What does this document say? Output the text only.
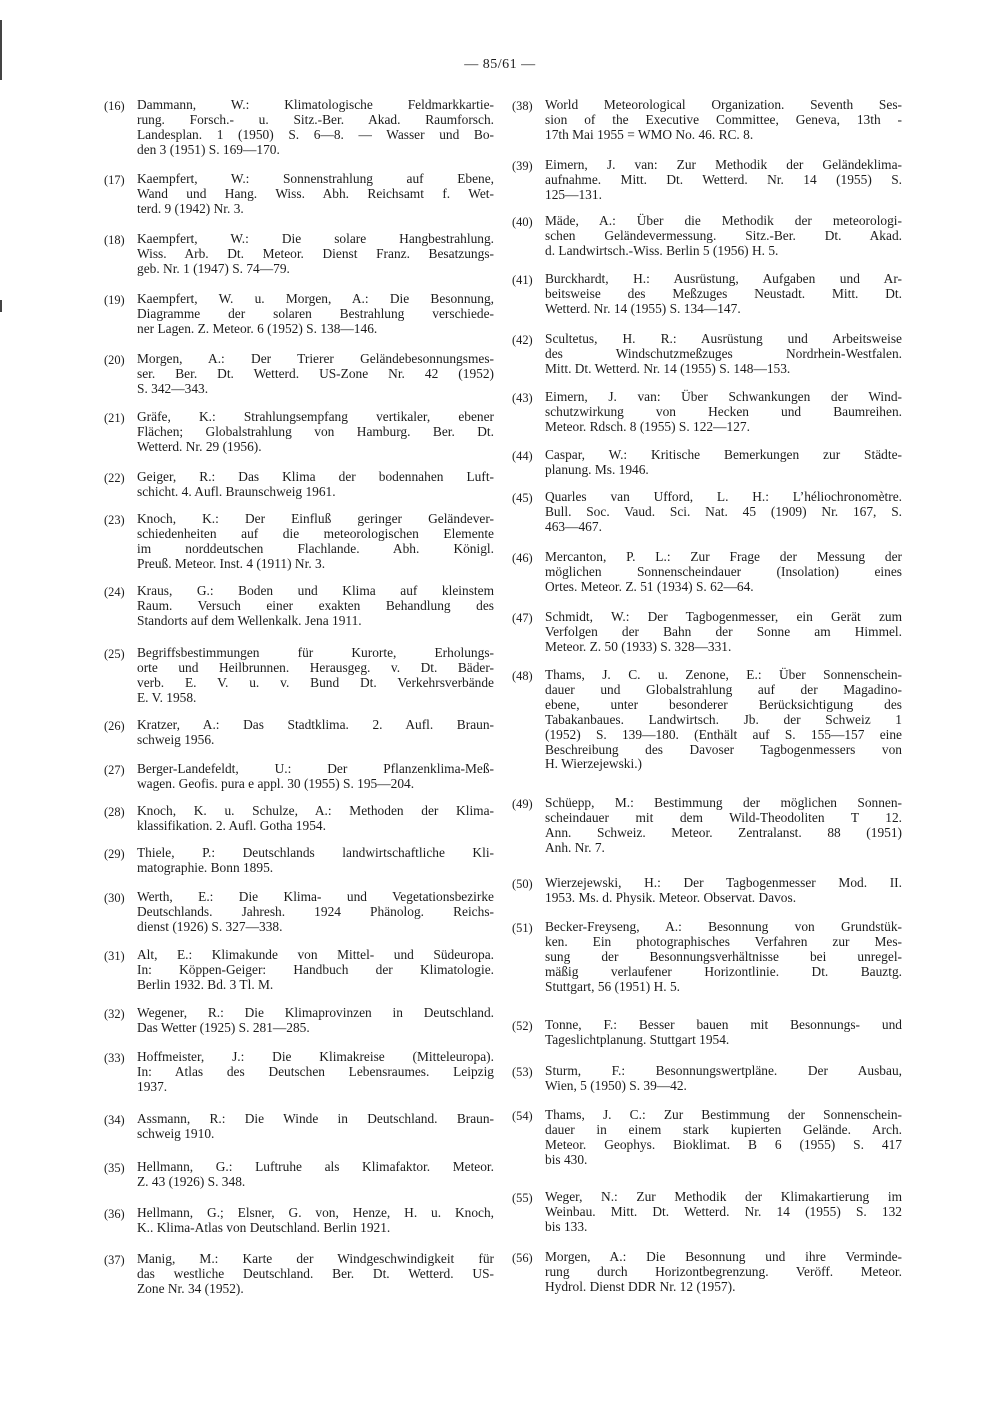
— 85/61 —
(16) Dammann, W.: Klimatologische Feldmarkkartie-
rung. Forsch.- u. Sitz.-Ber. Akad. Raumforsch.
Landesplan. 1 (1950) S. 6—8. — Wasser und Bo-
den 3 (1951) S. 169—170.
(17) Kaempfert, W.: Sonnenstrahlung auf Ebene,
Wand und Hang. Wiss. Abh. Reichsamt f. Wet-
terd. 9 (1942) Nr. 3.
(18) Kaempfert, W.: Die solare Hangbestrahlung.
Wiss. Arb. Dt. Meteor. Dienst Franz. Besatzungs-
geb. Nr. 1 (1947) S. 74—79.
(19) Kaempfert, W. u. Morgen, A.: Die Besonnung,
Diagramme der solaren Bestrahlung verschiede-
ner Lagen. Z. Meteor. 6 (1952) S. 138—146.
(20) Morgen, A.: Der Trierer Geländebesonnungsmes-
ser. Ber. Dt. Wetterd. US-Zone Nr. 42 (1952)
S. 342—343.
(21) Gräfe, K.: Strahlungsempfang vertikaler, ebener
Flächen; Globalstrahlung von Hamburg. Ber. Dt.
Wetterd. Nr. 29 (1956).
(22) Geiger, R.: Das Klima der bodennahen Luft-
schicht. 4. Aufl. Braunschweig 1961.
(23) Knoch, K.: Der Einfluß geringer Geländever-
schiedenheiten auf die meteorologischen Elemente
im norddeutschen Flachlande. Abh. Königl.
Preuß. Meteor. Inst. 4 (1911) Nr. 3.
(24) Kraus, G.: Boden und Klima auf kleinstem
Raum. Versuch einer exakten Behandlung des
Standorts auf dem Wellenkalk. Jena 1911.
(25) Begriffsbestimmungen für Kurorte, Erholungs-
orte und Heilbrunnen. Herausgeg. v. Dt. Bäder-
verb. E. V. u. v. Bund Dt. Verkehrsverbände
E. V. 1958.
(26) Kratzer, A.: Das Stadtklima. 2. Aufl. Braun-
schweig 1956.
(27) Berger-Landefeldt, U.: Der Pflanzenklima-Meß-
wagen. Geofis. pura e appl. 30 (1955) S. 195—204.
(28) Knoch, K. u. Schulze, A.: Methoden der Klima-
klassifikation. 2. Aufl. Gotha 1954.
(29) Thiele, P.: Deutschlands landwirtschaftliche Kli-
matographie. Bonn 1895.
(30) Werth, E.: Die Klima- und Vegetationsbezirke
Deutschlands. Jahresh. 1924 Phänolog. Reichs-
dienst (1926) S. 327—338.
(31) Alt, E.: Klimakunde von Mittel- und Südeuropa.
In: Köppen-Geiger: Handbuch der Klimatologie.
Berlin 1932. Bd. 3 Tl. M.
(32) Wegener, R.: Die Klimaprovinzen in Deutschland.
Das Wetter (1925) S. 281—285.
(33) Hoffmeister, J.: Die Klimakreise (Mitteleuropa).
In: Atlas des Deutschen Lebensraumes. Leipzig
1937.
(34) Assmann, R.: Die Winde in Deutschland. Braun-
schweig 1910.
(35) Hellmann, G.: Luftruhe als Klimafaktor. Meteor.
Z. 43 (1926) S. 348.
(36) Hellmann, G.; Elsner, G. von, Henze, H. u. Knoch,
K.. Klima-Atlas von Deutschland. Berlin 1921.
(37) Manig, M.: Karte der Windgeschwindigkeit für
das westliche Deutschland. Ber. Dt. Wetterd. US-
Zone Nr. 34 (1952).
(38) World Meteorological Organization. Seventh Ses-
sion of the Executive Committee, Geneva, 13th -
17th Mai 1955 = WMO No. 46. RC. 8.
(39) Eimern, J. van: Zur Methodik der Geländeklima-
aufnahme. Mitt. Dt. Wetterd. Nr. 14 (1955) S.
125—131.
(40) Mäde, A.: Über die Methodik der meteorologi-
schen Geländevermessung. Sitz.-Ber. Dt. Akad.
d. Landwirtsch.-Wiss. Berlin 5 (1956) H. 5.
(41) Burckhardt, H.: Ausrüstung, Aufgaben und Ar-
beitsweise des Meßzuges Neustadt. Mitt. Dt.
Wetterd. Nr. 14 (1955) S. 134—147.
(42) Scultetus, H. R.: Ausrüstung und Arbeitsweise
des Windschutzmeßzuges Nordrhein-Westfalen.
Mitt. Dt. Wetterd. Nr. 14 (1955) S. 148—153.
(43) Eimern, J. van: Über Schwankungen der Wind-
schutzwirkung von Hecken und Baumreihen.
Meteor. Rdsch. 8 (1955) S. 122—127.
(44) Caspar, W.: Kritische Bemerkungen zur Städte-
planung. Ms. 1946.
(45) Quarles van Ufford, L. H.: L’héliochronomètre.
Bull. Soc. Vaud. Sci. Nat. 45 (1909) Nr. 167, S.
463—467.
(46) Mercanton, P. L.: Zur Frage der Messung der
möglichen Sonnenscheindauer (Insolation) eines
Ortes. Meteor. Z. 51 (1934) S. 62—64.
(47) Schmidt, W.: Der Tagbogenmesser, ein Gerät zum
Verfolgen der Bahn der Sonne am Himmel.
Meteor. Z. 50 (1933) S. 328—331.
(48) Thams, J. C. u. Zenone, E.: Über Sonnenschein-
dauer und Globalstrahlung auf der Magadino-
ebene, unter besonderer Berücksichtigung des
Tabakanbaues. Landwirtsch. Jb. der Schweiz 1
(1952) S. 139—180. (Enthält auf S. 155—157 eine
Beschreibung des Davoser Tagbogenmessers von
H. Wierzejewski.)
(49) Schüepp, M.: Bestimmung der möglichen Sonnen-
scheindauer mit dem Wild-Theodoliten T 12.
Ann. Schweiz. Meteor. Zentralanst. 88 (1951)
Anh. Nr. 7.
(50) Wierzejewski, H.: Der Tagbogenmesser Mod. II.
1953. Ms. d. Physik. Meteor. Observat. Davos.
(51) Becker-Freyseng, A.: Besonnung von Grundstük-
ken. Ein photographisches Verfahren zur Mes-
sung der Besonnungsverhältnisse bei unregel-
mäßig verlaufener Horizontlinie. Dt. Bauztg.
Stuttgart, 56 (1951) H. 5.
(52) Tonne, F.: Besser bauen mit Besonnungs- und
Tageslichtplanung. Stuttgart 1954.
(53) Sturm, F.: Besonnungswertpläne. Der Ausbau,
Wien, 5 (1950) S. 39—42.
(54) Thams, J. C.: Zur Bestimmung der Sonnenschein-
dauer in einem stark kupierten Gelände. Arch.
Meteor. Geophys. Bioklimat. B 6 (1955) S. 417
bis 430.
(55) Weger, N.: Zur Methodik der Klimakartierung im
Weinbau. Mitt. Dt. Wetterd. Nr. 14 (1955) S. 132
bis 133.
(56) Morgen, A.: Die Besonnung und ihre Verminde-
rung durch Horizontbegrenzung. Veröff. Meteor.
Hydrol. Dienst DDR Nr. 12 (1957).
